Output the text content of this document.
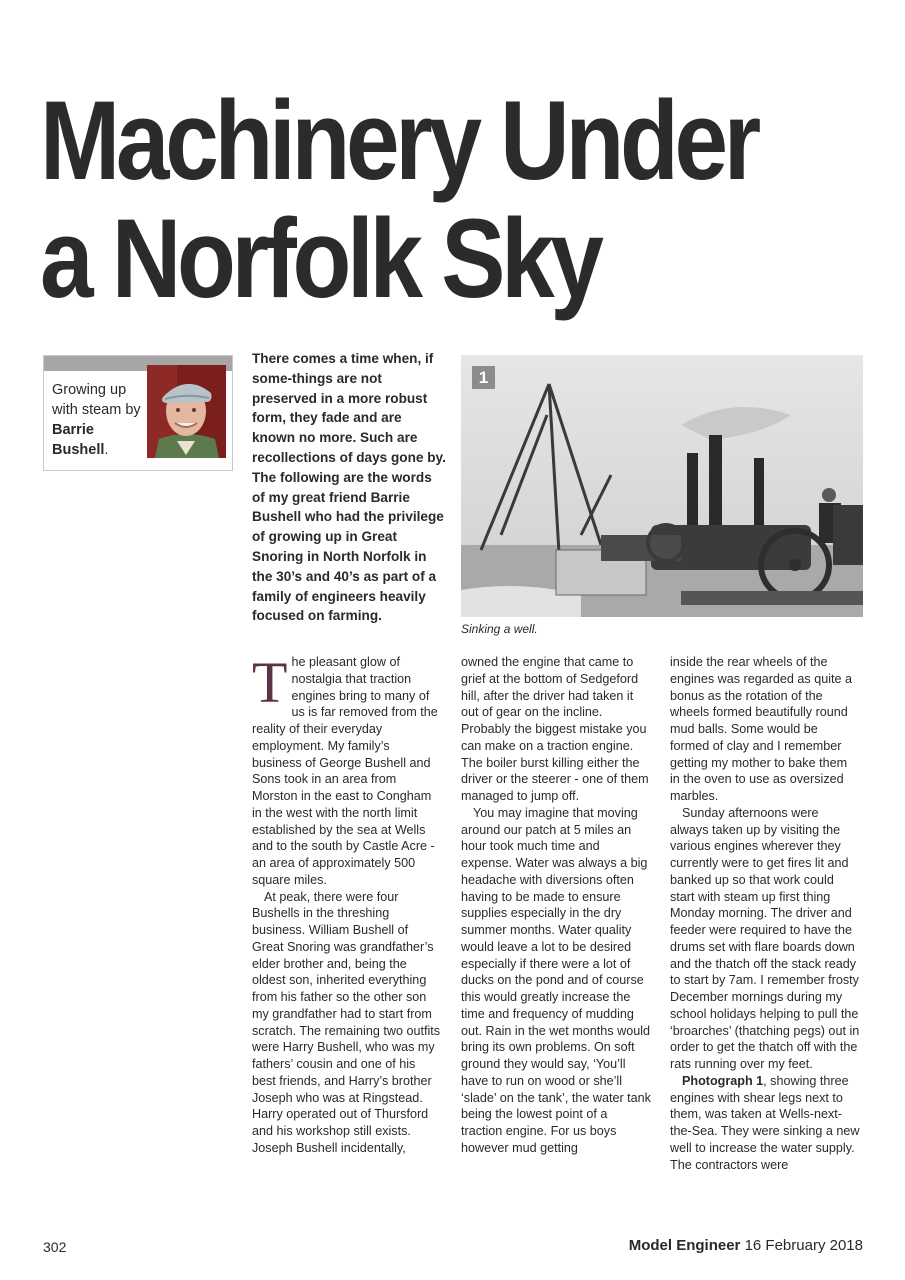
Machinery Under
a Norfolk Sky
Growing up with steam by Barrie Bushell.
There comes a time when, if some-things are not preserved in a more robust form, they fade and are known no more. Such are recollections of days gone by. The following are the words of my great friend Barrie Bushell who had the privilege of growing up in Great Snoring in North Norfolk in the 30’s and 40’s as part of a family of engineers heavily focused on farming.
1
Sinking a well.
T he pleasant glow of nostalgia that traction engines bring to many of us is far removed from the reality of their everyday employment. My family’s business of George Bushell and Sons took in an area from Morston in the east to Congham in the west with the north limit established by the sea at Wells and to the south by Castle Acre - an area of approximately 500 square miles.

At peak, there were four Bushells in the threshing business. William Bushell of Great Snoring was grandfather’s elder brother and, being the oldest son, inherited everything from his father so the other son my grandfather had to start from scratch. The remaining two outfits were Harry Bushell, who was my fathers’ cousin and one of his best friends, and Harry’s brother Joseph who was at Ringstead. Harry operated out of Thursford and his workshop still exists. Joseph Bushell incidentally,

owned the engine that came to grief at the bottom of Sedgeford hill, after the driver had taken it out of gear on the incline. Probably the biggest mistake you can make on a traction engine. The boiler burst killing either the driver or the steerer - one of them managed to jump off.

You may imagine that moving around our patch at 5 miles an hour took much time and expense. Water was always a big headache with diversions often having to be made to ensure supplies especially in the dry summer months. Water quality would leave a lot to be desired especially if there were a lot of ducks on the pond and of course this would greatly increase the time and frequency of mudding out. Rain in the wet months would bring its own problems. On soft ground they would say, ‘You’ll have to run on wood or she’ll ‘slade’ on the tank’, the water tank being the lowest point of a traction engine. For us boys however mud getting

inside the rear wheels of the engines was regarded as quite a bonus as the rotation of the wheels formed beautifully round mud balls. Some would be formed of clay and I remember getting my mother to bake them in the oven to use as oversized marbles.

Sunday afternoons were always taken up by visiting the various engines wherever they currently were to get fires lit and banked up so that work could start with steam up first thing Monday morning. The driver and feeder were required to have the drums set with flare boards down and the thatch off the stack ready to start by 7am. I remember frosty December mornings during my school holidays helping to pull the ‘broarches’ (thatching pegs) out in order to get the thatch off with the rats running over my feet.

Photograph 1, showing three engines with shear legs next to them, was taken at Wells-next-the-Sea. They were sinking a new well to increase the water supply. The contractors were

302	Model Engineer 16 February 2018
